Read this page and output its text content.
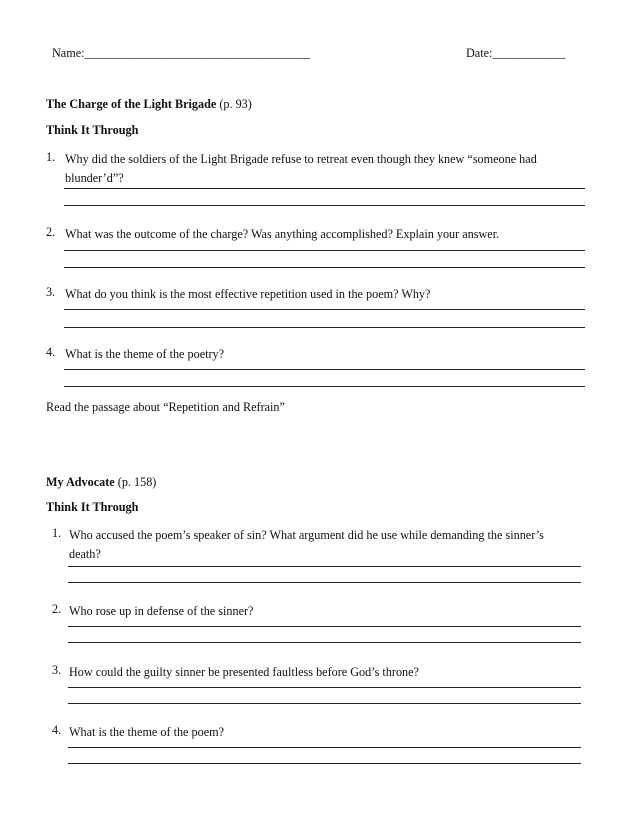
Name:_____________________________________	Date:____________
The Charge of the Light Brigade (p. 93)
Think It Through
1. Why did the soldiers of the Light Brigade refuse to retreat even though they knew “someone had blunder’d”?
2. What was the outcome of the charge? Was anything accomplished? Explain your answer.
3. What do you think is the most effective repetition used in the poem? Why?
4. What is the theme of the poetry?
Read the passage about “Repetition and Refrain”
My Advocate (p. 158)
Think It Through
1. Who accused the poem’s speaker of sin? What argument did he use while demanding the sinner’s death?
2. Who rose up in defense of the sinner?
3. How could the guilty sinner be presented faultless before God’s throne?
4. What is the theme of the poem?
